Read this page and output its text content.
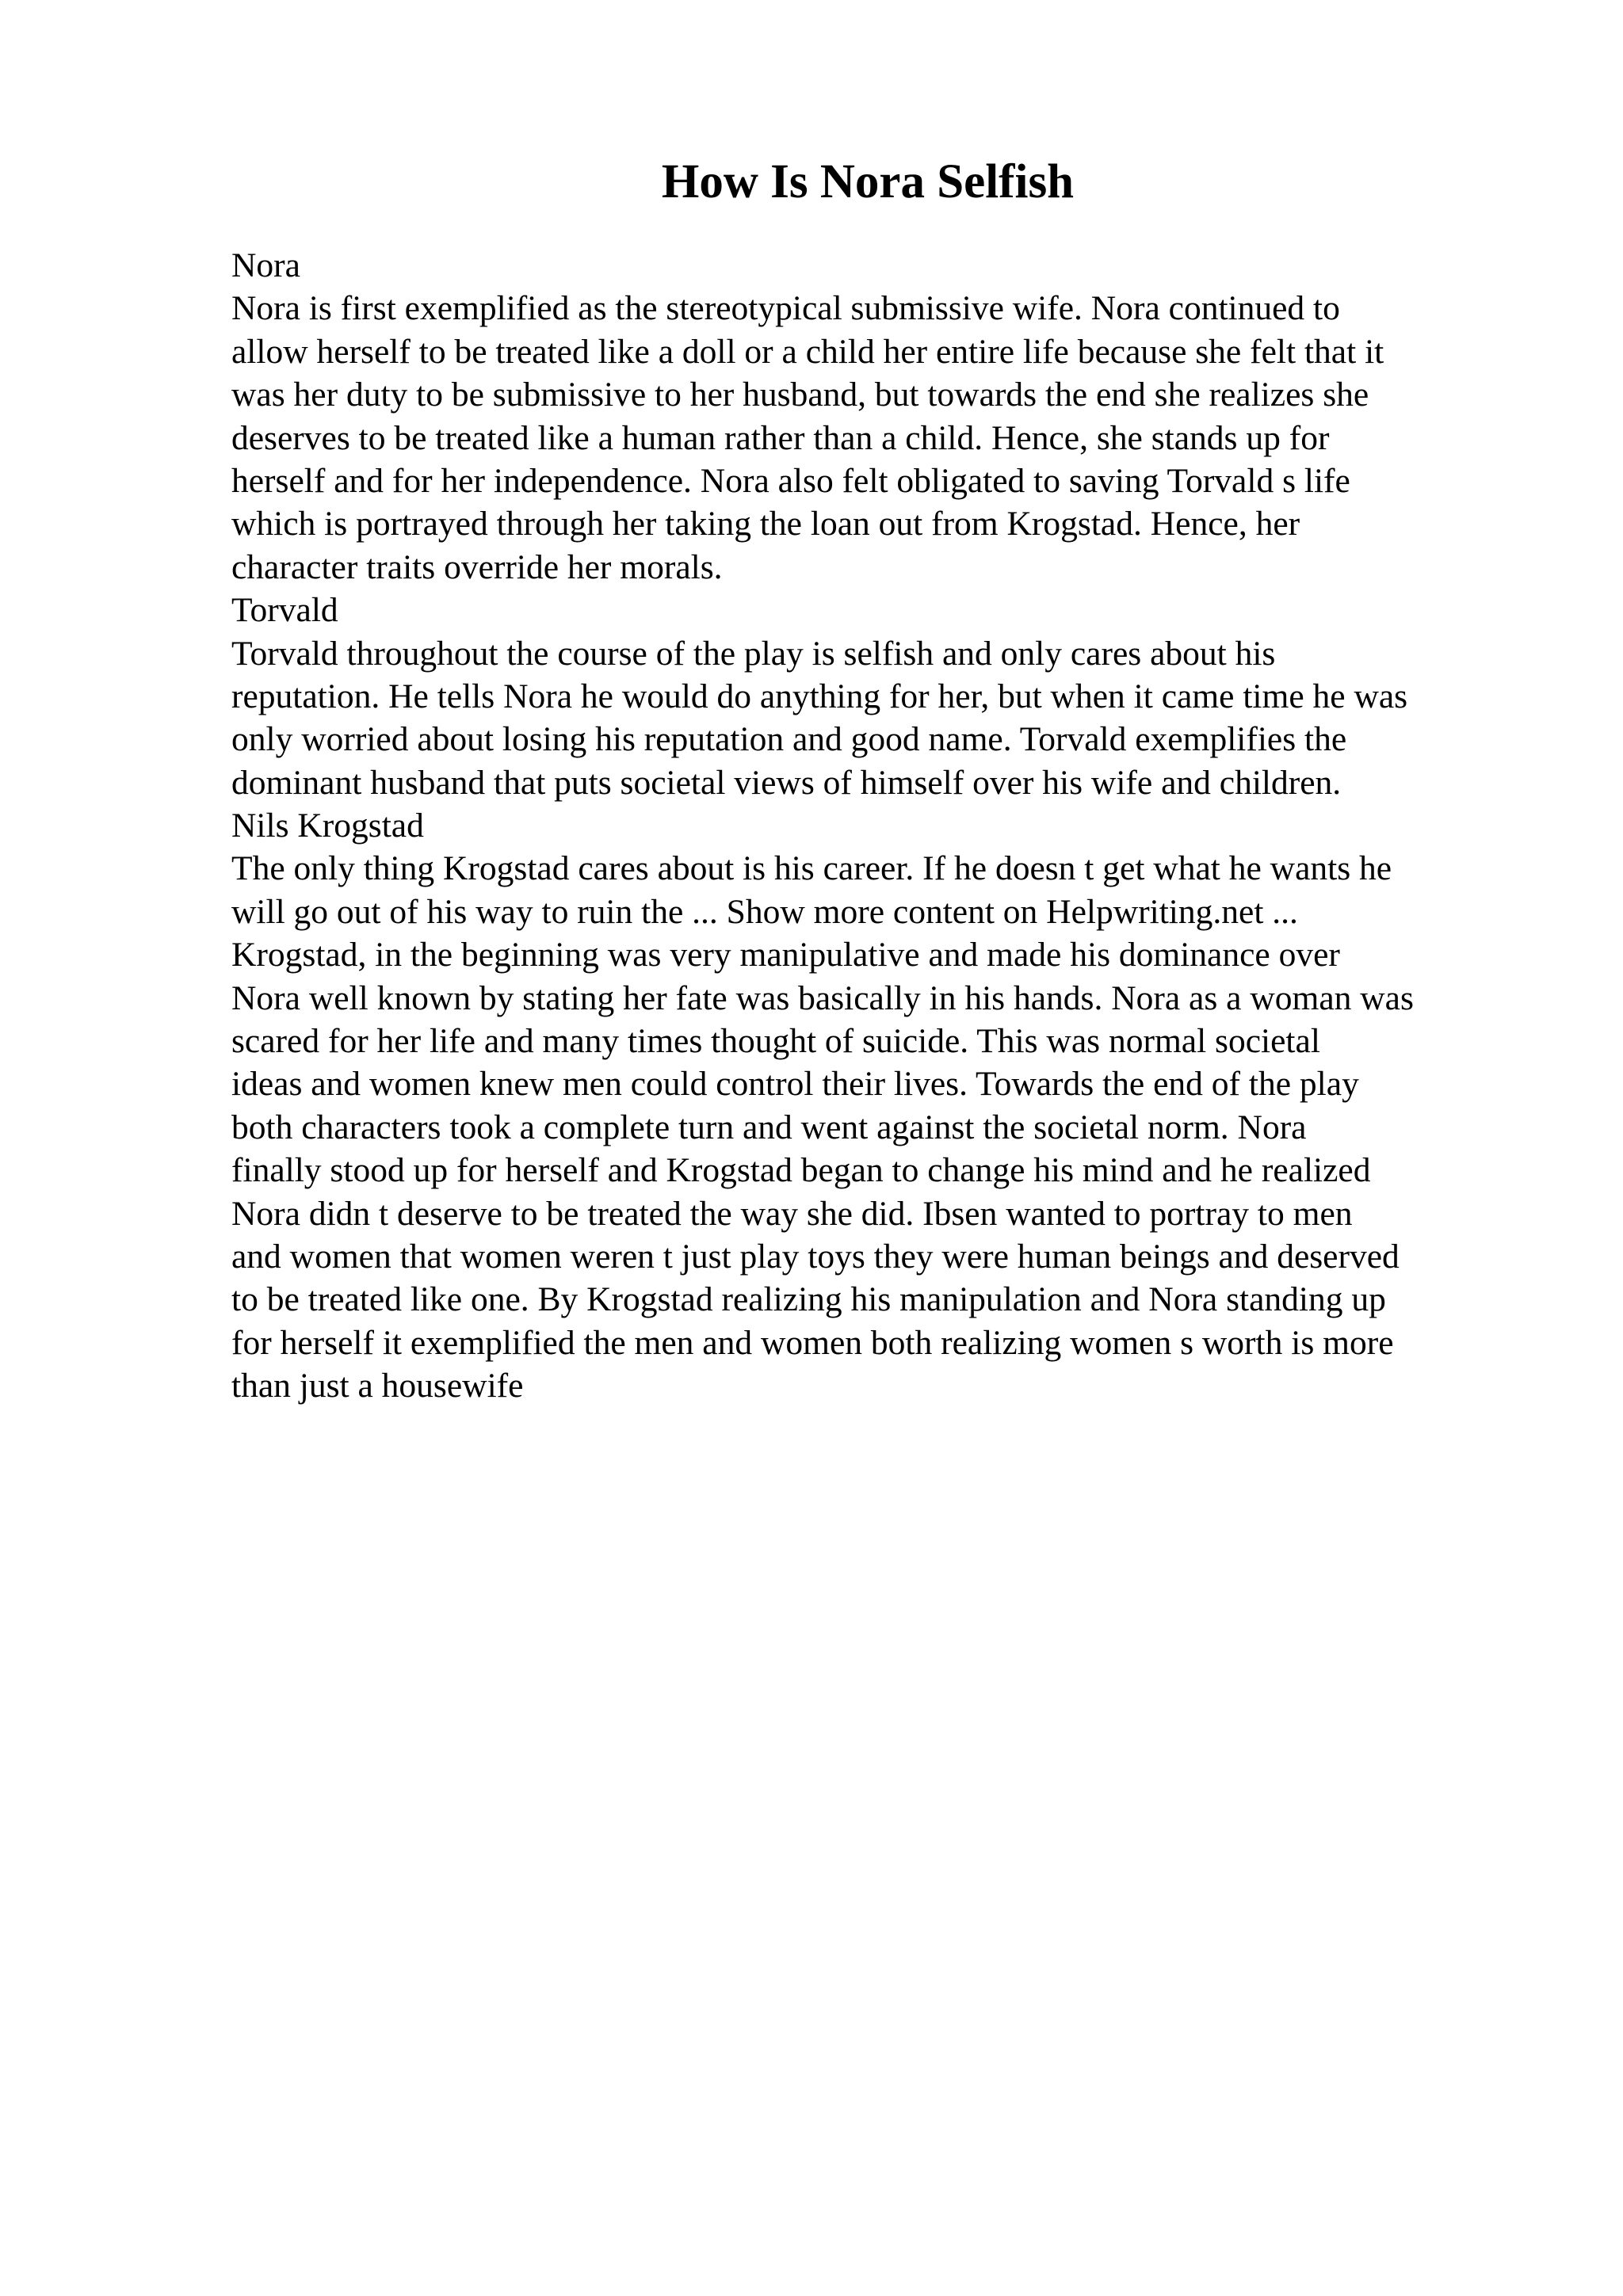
How Is Nora Selfish
Nora
Nora is first exemplified as the stereotypical submissive wife. Nora continued to
allow herself to be treated like a doll or a child her entire life because she felt that it
was her duty to be submissive to her husband, but towards the end she realizes she
deserves to be treated like a human rather than a child. Hence, she stands up for
herself and for her independence. Nora also felt obligated to saving Torvald s life
which is portrayed through her taking the loan out from Krogstad. Hence, her
character traits override her morals.
Torvald
Torvald throughout the course of the play is selfish and only cares about his
reputation. He tells Nora he would do anything for her, but when it came time he was
only worried about losing his reputation and good name. Torvald exemplifies the
dominant husband that puts societal views of himself over his wife and children.
Nils Krogstad
The only thing Krogstad cares about is his career. If he doesn t get what he wants he
will go out of his way to ruin the ... Show more content on Helpwriting.net ...
Krogstad, in the beginning was very manipulative and made his dominance over
Nora well known by stating her fate was basically in his hands. Nora as a woman was
scared for her life and many times thought of suicide. This was normal societal
ideas and women knew men could control their lives. Towards the end of the play
both characters took a complete turn and went against the societal norm. Nora
finally stood up for herself and Krogstad began to change his mind and he realized
Nora didn t deserve to be treated the way she did. Ibsen wanted to portray to men
and women that women weren t just play toys they were human beings and deserved
to be treated like one. By Krogstad realizing his manipulation and Nora standing up
for herself it exemplified the men and women both realizing women s worth is more
than just a housewife
